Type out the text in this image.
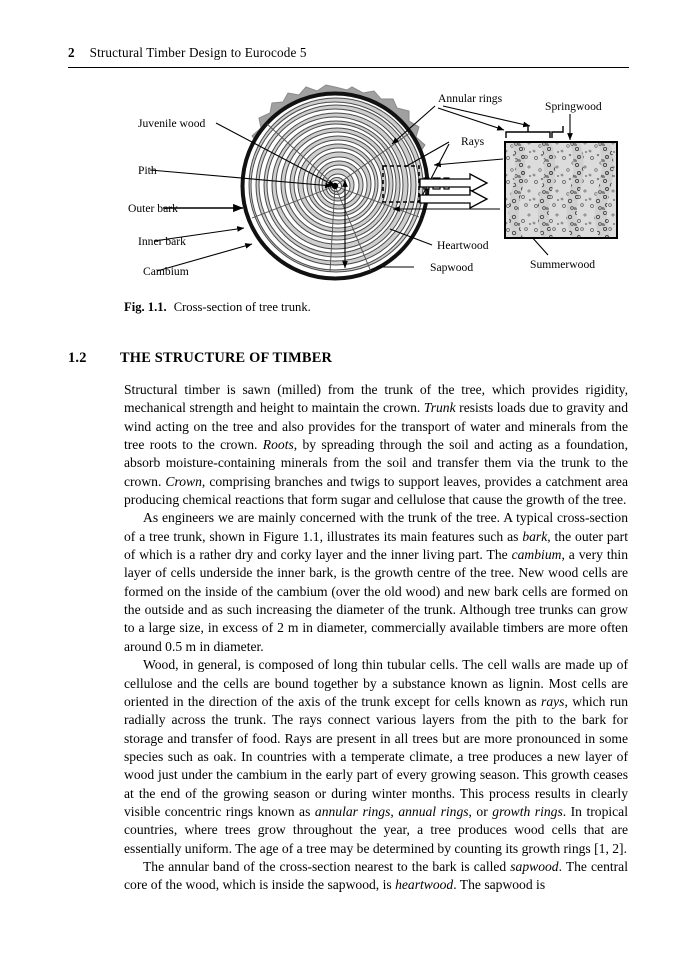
2 Structural Timber Design to Eurocode 5
Juvenile wood
Pith
Outer bark
Inner bark
Cambium
Annular rings
Springwood
Rays
Heartwood
Sapwood	Summerwood
Fig. 1.1. Cross-section of tree trunk.
1.2 THE STRUCTURE OF TIMBER

Structural timber is sawn (milled) from the trunk of the tree, which provides rigidity, mechanical strength and height to maintain the crown. Trunk resists loads due to gravity and wind acting on the tree and also provides for the transport of water and minerals from the tree roots to the crown. Roots, by spreading through the soil and acting as a foundation, absorb moisture-containing minerals from the soil and transfer them via the trunk to the crown. Crown, comprising branches and twigs to support leaves, provides a catchment area producing chemical reactions that form sugar and cellulose that cause the growth of the tree.

As engineers we are mainly concerned with the trunk of the tree. A typical cross-section of a tree trunk, shown in Figure 1.1, illustrates its main features such as bark, the outer part of which is a rather dry and corky layer and the inner living part. The cambium, a very thin layer of cells underside the inner bark, is the growth centre of the tree. New wood cells are formed on the inside of the cambium (over the old wood) and new bark cells are formed on the outside and as such increasing the diameter of the trunk. Although tree trunks can grow to a large size, in excess of 2 m in diameter, commercially available timbers are more often around 0.5 m in diameter.

Wood, in general, is composed of long thin tubular cells. The cell walls are made up of cellulose and the cells are bound together by a substance known as lignin. Most cells are oriented in the direction of the axis of the trunk except for cells known as rays, which run radially across the trunk. The rays connect various layers from the pith to the bark for storage and transfer of food. Rays are present in all trees but are more pronounced in some species such as oak. In countries with a temperate climate, a tree produces a new layer of wood just under the cambium in the early part of every growing season. This growth ceases at the end of the growing season or during winter months. This process results in clearly visible concentric rings known as annular rings, annual rings, or growth rings. In tropical countries, where trees grow throughout the year, a tree produces wood cells that are essentially uniform. The age of a tree may be determined by counting its growth rings [1, 2].

The annular band of the cross-section nearest to the bark is called sapwood. The central core of the wood, which is inside the sapwood, is heartwood. The sapwood is
